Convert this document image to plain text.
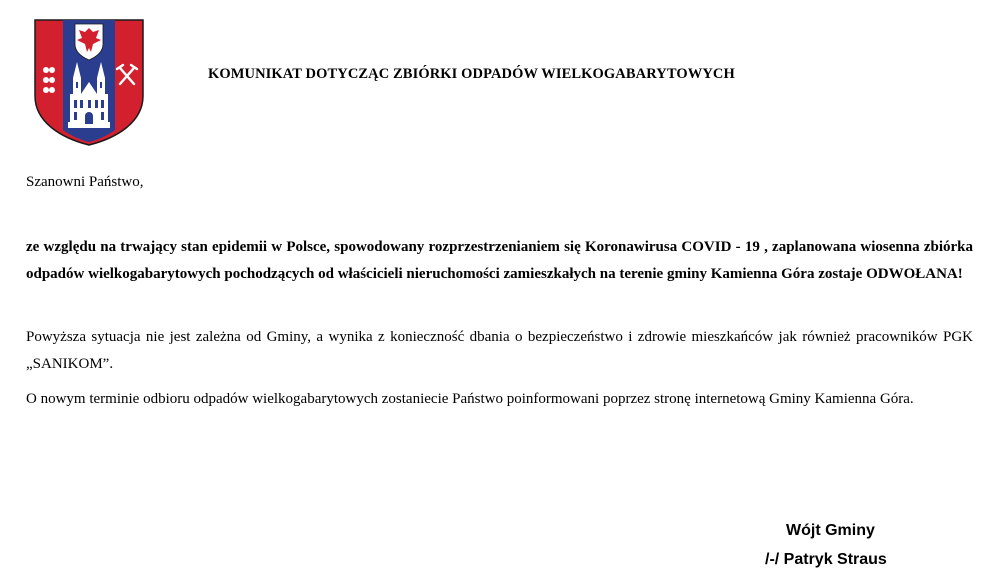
KOMUNIKAT DOTYCZĄC ZBIÓRKI ODPADÓW WIELKOGABARYTOWYCH
Szanowni Państwo,
ze względu na trwający stan epidemii w Polsce, spowodowany rozprzestrzenianiem się Koronawirusa COVID - 19 , zaplanowana wiosenna zbiórka odpadów wielkogabarytowych pochodzących od właścicieli nieruchomości zamieszkałych na terenie gminy Kamienna Góra zostaje ODWOŁANA!
Powyższa sytuacja nie jest zależna od Gminy, a wynika z konieczność dbania o bezpieczeństwo i zdrowie mieszkańców jak również pracowników PGK „SANIKOM”.
O nowym terminie odbioru odpadów wielkogabarytowych zostaniecie Państwo poinformowani poprzez stronę internetową Gminy Kamienna Góra.
Wójt Gminy
/-/ Patryk Straus
